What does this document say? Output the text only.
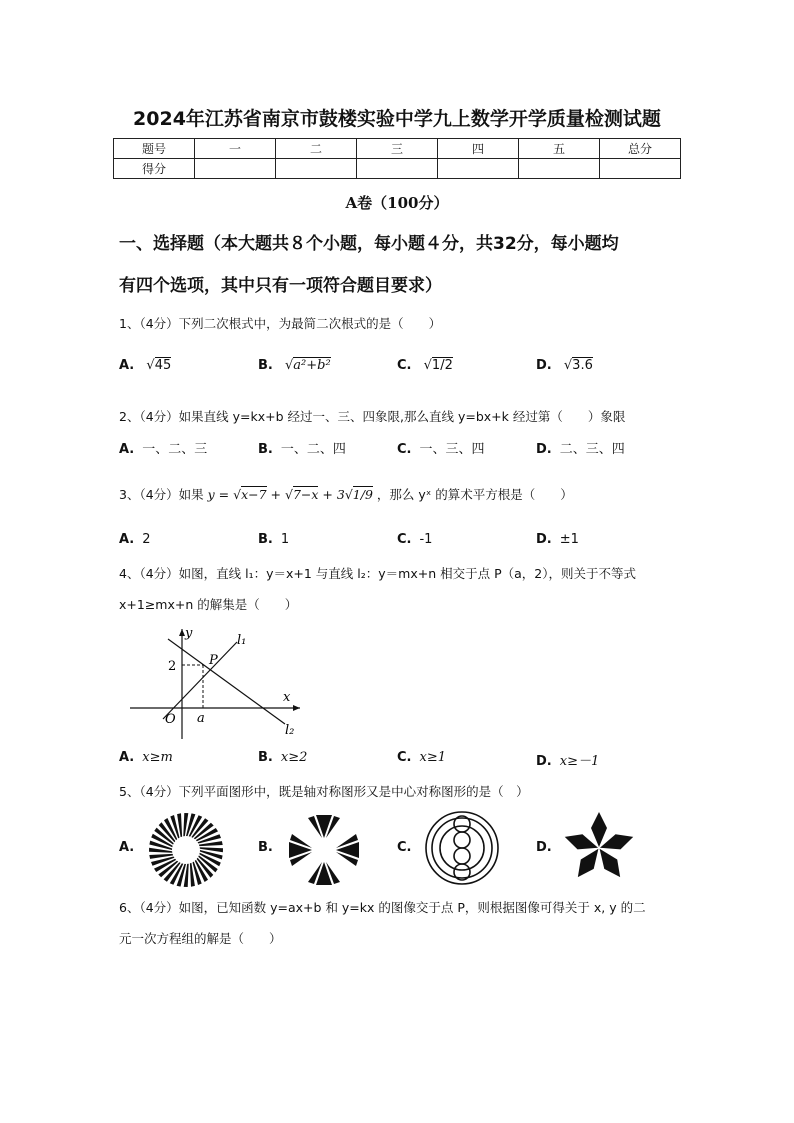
2024年江苏省南京市鼓楼实验中学九上数学开学质量检测试题
题号	一	二	三	四	五	总分
得分						
A卷（100分）
一、选择题（本大题共８个小题，每小题４分，共32分，每小题均
有四个选项，其中只有一项符合题目要求）
1、（4分）下列二次根式中，为最简二次根式的是（　　）
A. √45	B. √a²+b²	C. √1/2	D. √3.6
2、（4分）如果直线 y=kx+b 经过一、三、四象限,那么直线 y=bx+k 经过第（　　）象限
A. 一、二、三	B. 一、二、四	C. 一、三、四	D. 二、三、四
3、（4分）如果 y = √x−7 + √7−x + 3√1/9 ，那么 yˣ 的算术平方根是（　　）
A. 2	B. 1	C. -1	D. ±1
4、（4分）如图，直线 l₁：y＝x+1 与直线 l₂：y＝mx+n 相交于点 P（a，2），则关于不等式
x+1≥mx+n 的解集是（　　）
y
x
l₁
l₂
2	P
O a
A. x≥m	B. x≥2	C. x≥1	D. x≥－1
5、（4分）下列平面图形中，既是轴对称图形又是中心对称图形的是（　）
A.	B.	C.	D.
6、（4分）如图，已知函数 y=ax+b 和 y=kx 的图像交于点 P，则根据图像可得关于 x, y 的二
元一次方程组的解是（　　）
